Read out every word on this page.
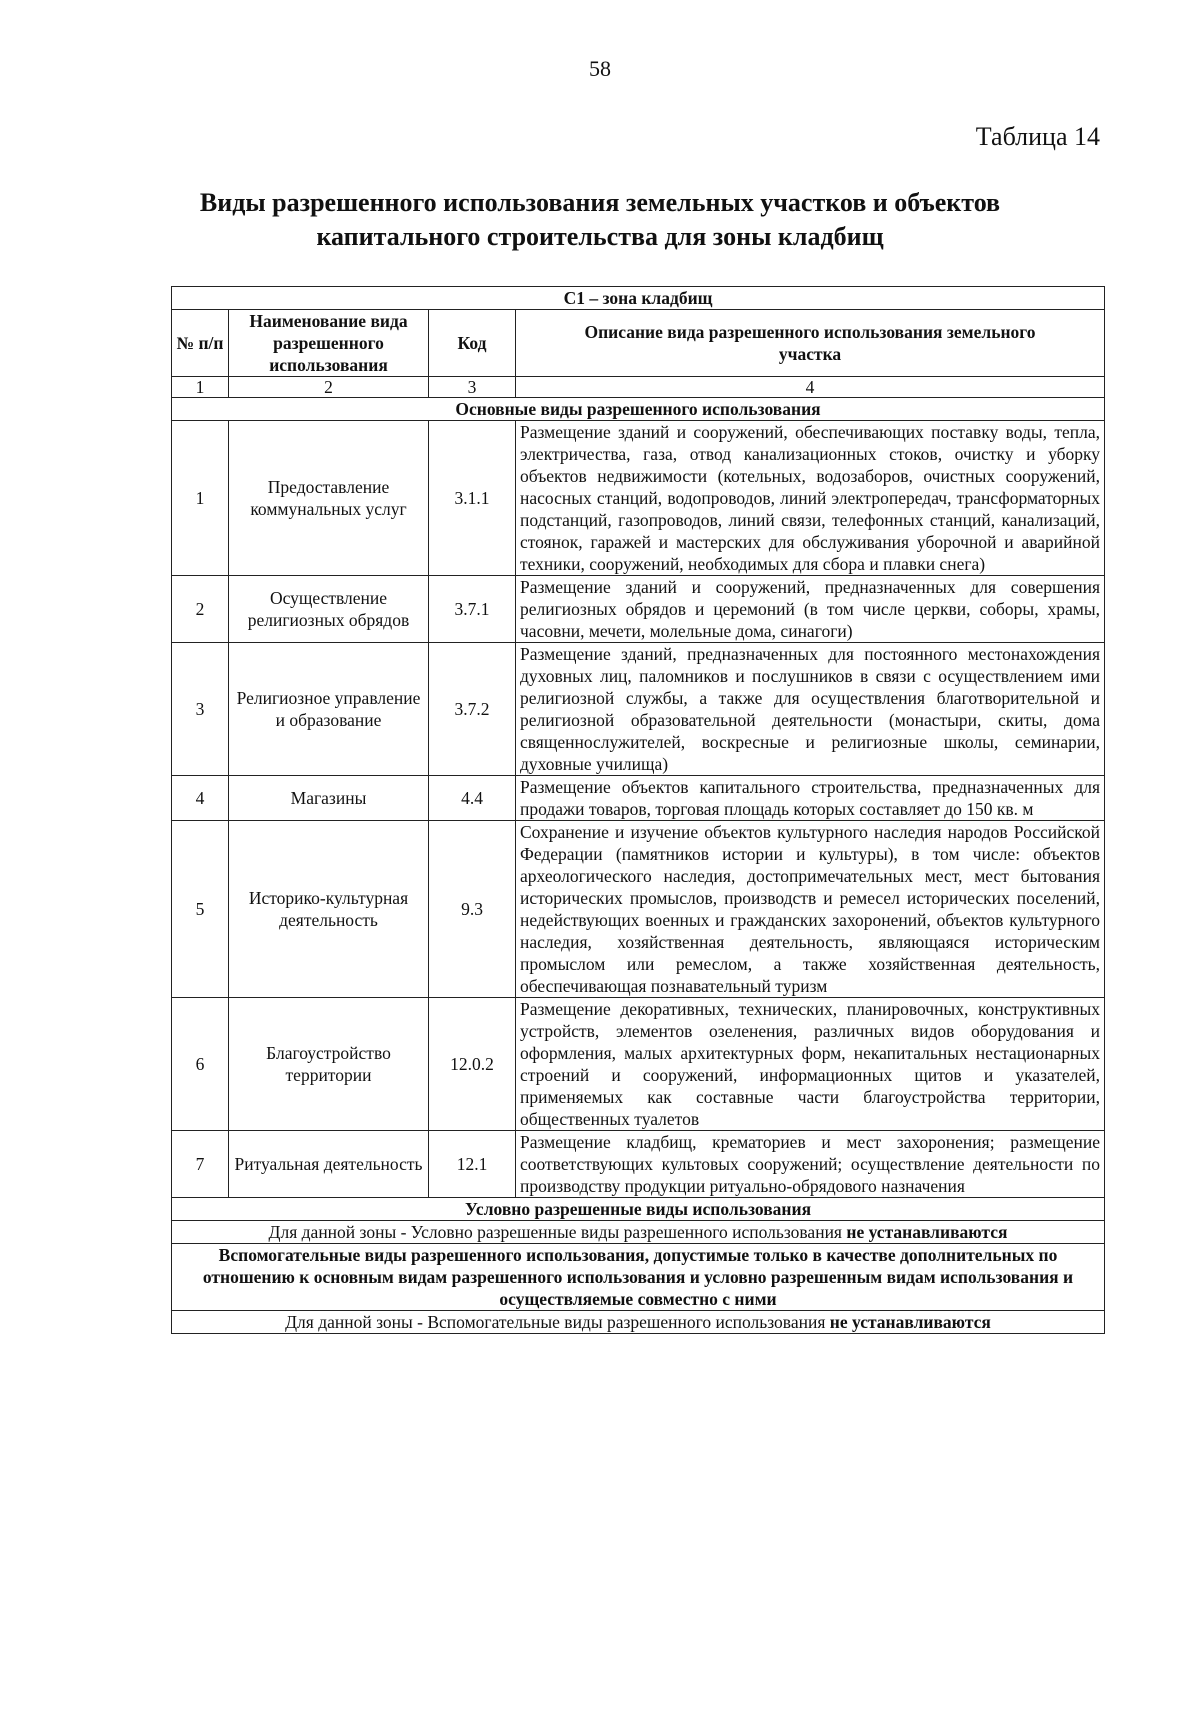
58
Таблица 14
Виды разрешенного использования земельных участков и объектов
капитального строительства для зоны кладбищ
С1 – зона кладбищ			
№ п/п	Наименование вида разрешенного использования	Код	Описание вида разрешенного использования земельного участка
1	2	3	4
Основные виды разрешенного использования			
1	Предоставление коммунальных услуг	3.1.1	Размещение зданий и сооружений, обеспечивающих поставку воды, тепла, электричества, газа, отвод канализационных стоков, очистку и уборку объектов недвижимости (котельных, водозаборов, очистных сооружений, насосных станций, водопроводов, линий электропередач, трансформаторных подстанций, газопроводов, линий связи, телефонных станций, канализаций, стоянок, гаражей и мастерских для обслуживания уборочной и аварийной техники, сооружений, необходимых для сбора и плавки снега)
2	Осуществление религиозных обрядов	3.7.1	Размещение зданий и сооружений, предназначенных для совершения религиозных обрядов и церемоний (в том числе церкви, соборы, храмы, часовни, мечети, молельные дома, синагоги)
3	Религиозное управление и образование	3.7.2	Размещение зданий, предназначенных для постоянного местонахождения духовных лиц, паломников и послушников в связи с осуществлением ими религиозной службы, а также для осуществления благотворительной и религиозной образовательной деятельности (монастыри, скиты, дома священнослужителей, воскресные и религиозные школы, семинарии, духовные училища)
4	Магазины	4.4	Размещение объектов капитального строительства, предназначенных для продажи товаров, торговая площадь которых составляет до 150 кв. м
5	Историко-культурная деятельность	9.3	Сохранение и изучение объектов культурного наследия народов Российской Федерации (памятников истории и культуры), в том числе: объектов археологического наследия, достопримечательных мест, мест бытования исторических промыслов, производств и ремесел исторических поселений, недействующих военных и гражданских захоронений, объектов культурного наследия, хозяйственная деятельность, являющаяся историческим промыслом или ремеслом, а также хозяйственная деятельность, обеспечивающая познавательный туризм
6	Благоустройство территории	12.0.2	Размещение декоративных, технических, планировочных, конструктивных устройств, элементов озеленения, различных видов оборудования и оформления, малых архитектурных форм, некапитальных нестационарных строений и сооружений, информационных щитов и указателей, применяемых как составные части благоустройства территории, общественных туалетов
7	Ритуальная деятельность	12.1	Размещение кладбищ, крематориев и мест захоронения; размещение соответствующих культовых сооружений; осуществление деятельности по производству продукции ритуально-обрядового назначения
Условно разрешенные виды использования			
Для данной зоны - Условно разрешенные виды разрешенного использования не устанавливаются			
Вспомогательные виды разрешенного использования, допустимые только в качестве дополнительных по отношению к основным видам разрешенного использования и условно разрешенным видам использования и осуществляемые совместно с ними			
Для данной зоны - Вспомогательные виды разрешенного использования не устанавливаются			
